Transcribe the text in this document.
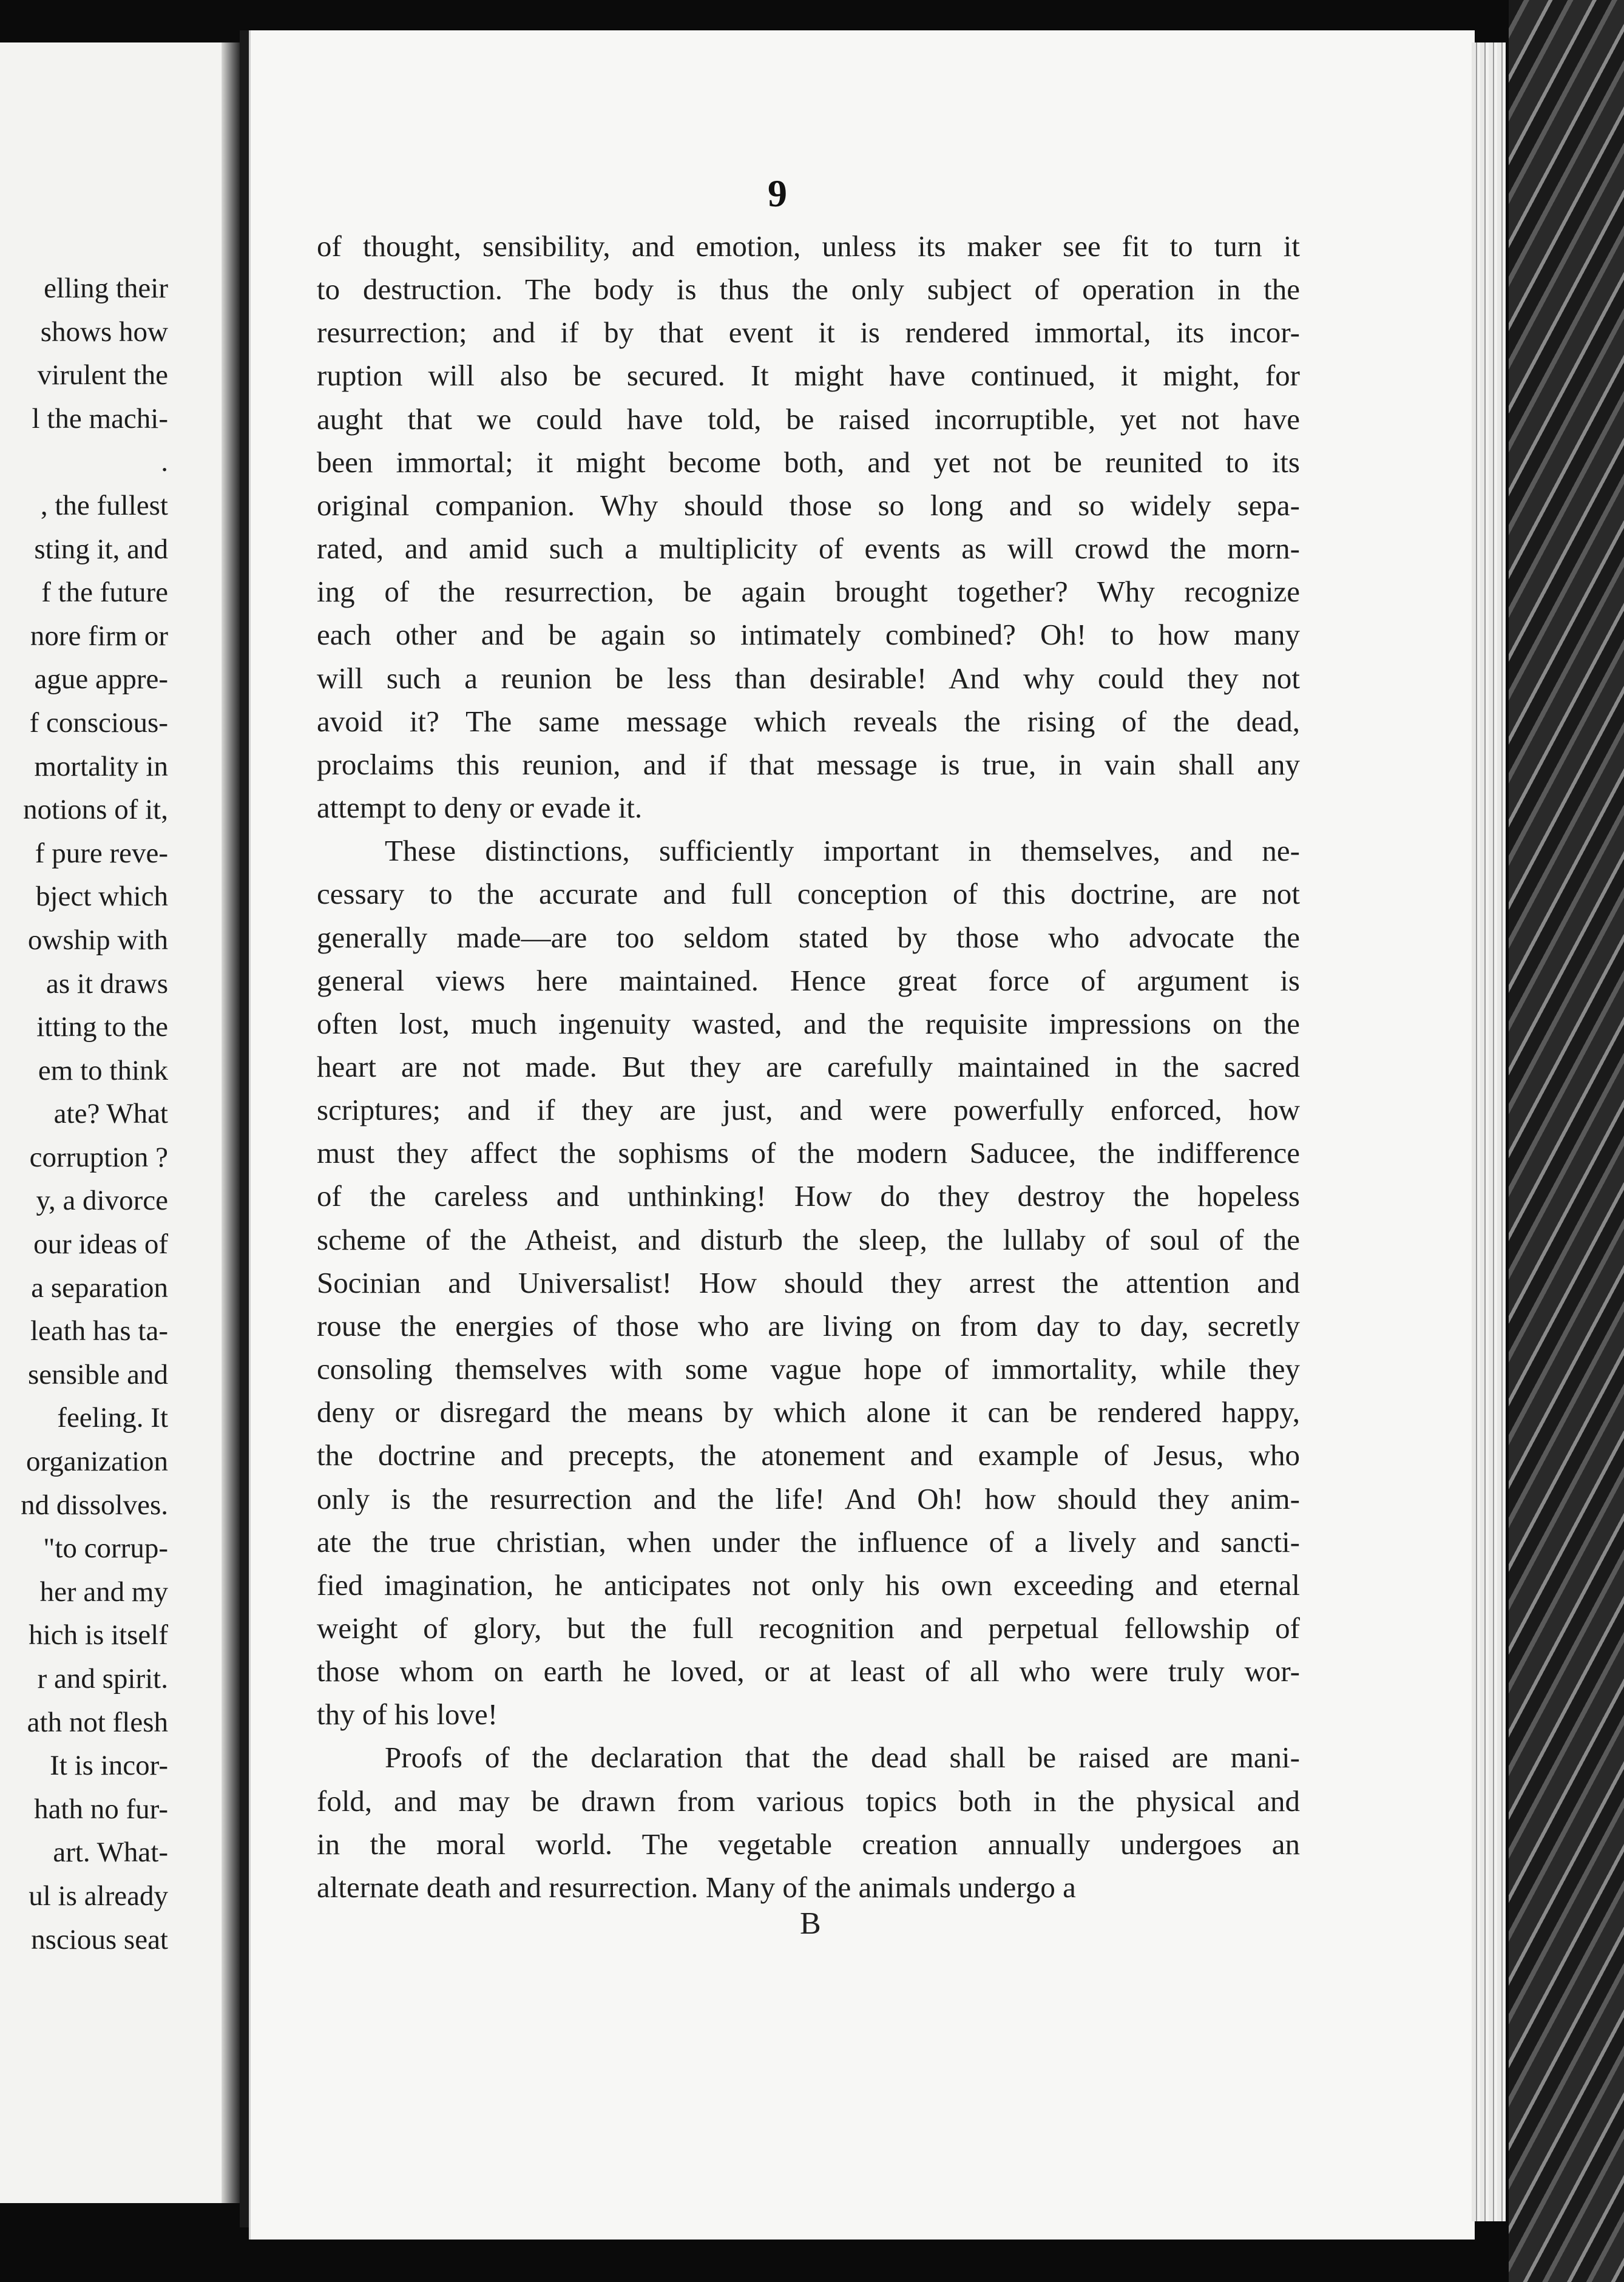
elling their
shows how
virulent the
l the machi-
.
, the fullest
sting it, and
f the future
nore firm or
ague appre-
f conscious-
mortality in
notions of it,
f pure reve-
bject which
owship with
as it draws
itting to the
em to think
ate? What
corruption ?
y, a divorce
our ideas of
a separation
leath has ta-
sensible and
feeling. It
organization
nd dissolves.
"to corrup-
her and my
hich is itself
r and spirit.
ath not flesh
It is incor-
hath no fur-
art. What-
ul is already
nscious seat
9
of thought, sensibility, and emotion, unless its maker see fit to turn it
to destruction. The body is thus the only subject of operation in the
resurrection; and if by that event it is rendered immortal, its incor-
ruption will also be secured. It might have continued, it might, for
aught that we could have told, be raised incorruptible, yet not have
been immortal; it might become both, and yet not be reunited to its
original companion. Why should those so long and so widely sepa-
rated, and amid such a multiplicity of events as will crowd the morn-
ing of the resurrection, be again brought together? Why recognize
each other and be again so intimately combined? Oh! to how many
will such a reunion be less than desirable! And why could they not
avoid it? The same message which reveals the rising of the dead,
proclaims this reunion, and if that message is true, in vain shall any
attempt to deny or evade it.
These distinctions, sufficiently important in themselves, and ne-
cessary to the accurate and full conception of this doctrine, are not
generally made—are too seldom stated by those who advocate the
general views here maintained. Hence great force of argument is
often lost, much ingenuity wasted, and the requisite impressions on the
heart are not made. But they are carefully maintained in the sacred
scriptures; and if they are just, and were powerfully enforced, how
must they affect the sophisms of the modern Saducee, the indifference
of the careless and unthinking! How do they destroy the hopeless
scheme of the Atheist, and disturb the sleep, the lullaby of soul of the
Socinian and Universalist! How should they arrest the attention and
rouse the energies of those who are living on from day to day, secretly
consoling themselves with some vague hope of immortality, while they
deny or disregard the means by which alone it can be rendered happy,
the doctrine and precepts, the atonement and example of Jesus, who
only is the resurrection and the life! And Oh! how should they anim-
ate the true christian, when under the influence of a lively and sancti-
fied imagination, he anticipates not only his own exceeding and eternal
weight of glory, but the full recognition and perpetual fellowship of
those whom on earth he loved, or at least of all who were truly wor-
thy of his love!
Proofs of the declaration that the dead shall be raised are mani-
fold, and may be drawn from various topics both in the physical and
in the moral world. The vegetable creation annually undergoes an
alternate death and resurrection. Many of the animals undergo a
B
